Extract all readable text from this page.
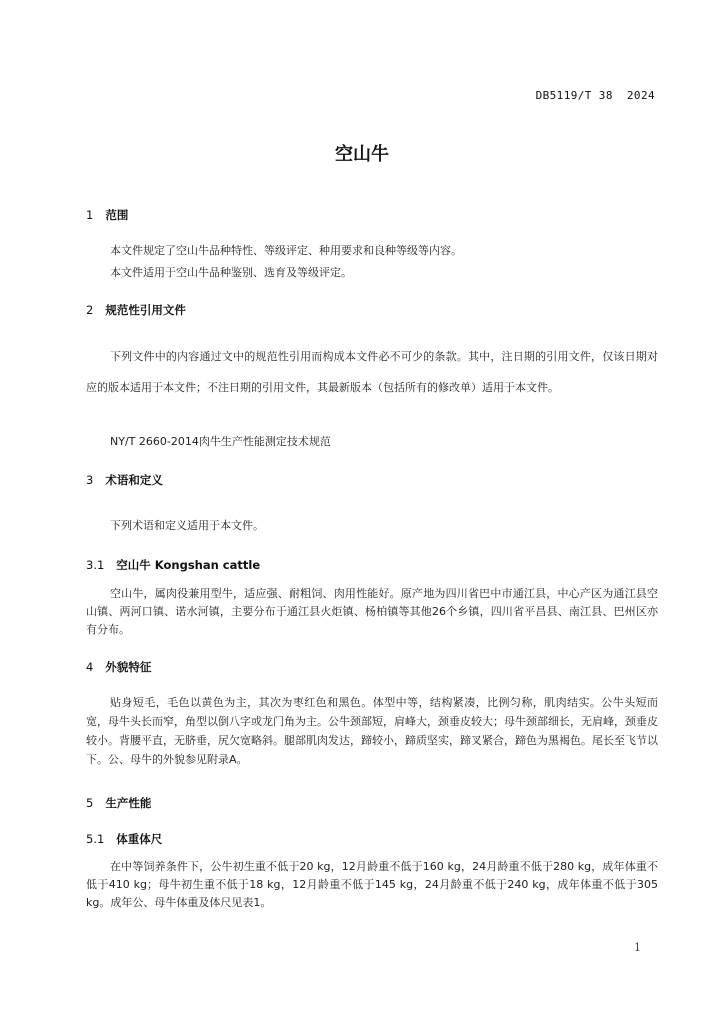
DB5119/T 38  2024
空山牛
1 范围
本文件规定了空山牛品种特性、等级评定、种用要求和良种等级等内容。
本文件适用于空山牛品种鉴别、选育及等级评定。
2 规范性引用文件
下列文件中的内容通过文中的规范性引用而构成本文件必不可少的条款。其中，注日期的引用文件，仅该日期对应的版本适用于本文件；不注日期的引用文件，其最新版本（包括所有的修改单）适用于本文件。
NY/T 2660-2014肉牛生产性能测定技术规范
3 术语和定义
下列术语和定义适用于本文件。
3.1 空山牛 Kongshan cattle
空山牛，属肉役兼用型牛，适应强、耐粗饲、肉用性能好。原产地为四川省巴中市通江县，中心产区为通江县空山镇、两河口镇、诺水河镇，主要分布于通江县火炬镇、杨柏镇等其他26个乡镇，四川省平昌县、南江县、巴州区亦有分布。
4 外貌特征
贴身短毛，毛色以黄色为主，其次为枣红色和黑色。体型中等，结构紧凑，比例匀称，肌肉结实。公牛头短而宽，母牛头长而窄，角型以倒八字或龙门角为主。公牛颈部短，肩峰大，颈垂皮较大；母牛颈部细长，无肩峰，颈垂皮较小。背腰平直，无脐垂，尻欠宽略斜。腿部肌肉发达，蹄较小，蹄质坚实，蹄叉紧合，蹄色为黑褐色。尾长至飞节以下。公、母牛的外貌参见附录A。
5 生产性能
5.1 体重体尺
在中等饲养条件下，公牛初生重不低于20 kg，12月龄重不低于160 kg，24月龄重不低于280 kg，成年体重不低于410 kg；母牛初生重不低于18 kg，12月龄重不低于145 kg，24月龄重不低于240 kg，成年体重不低于305 kg。成年公、母牛体重及体尺见表1。
1
